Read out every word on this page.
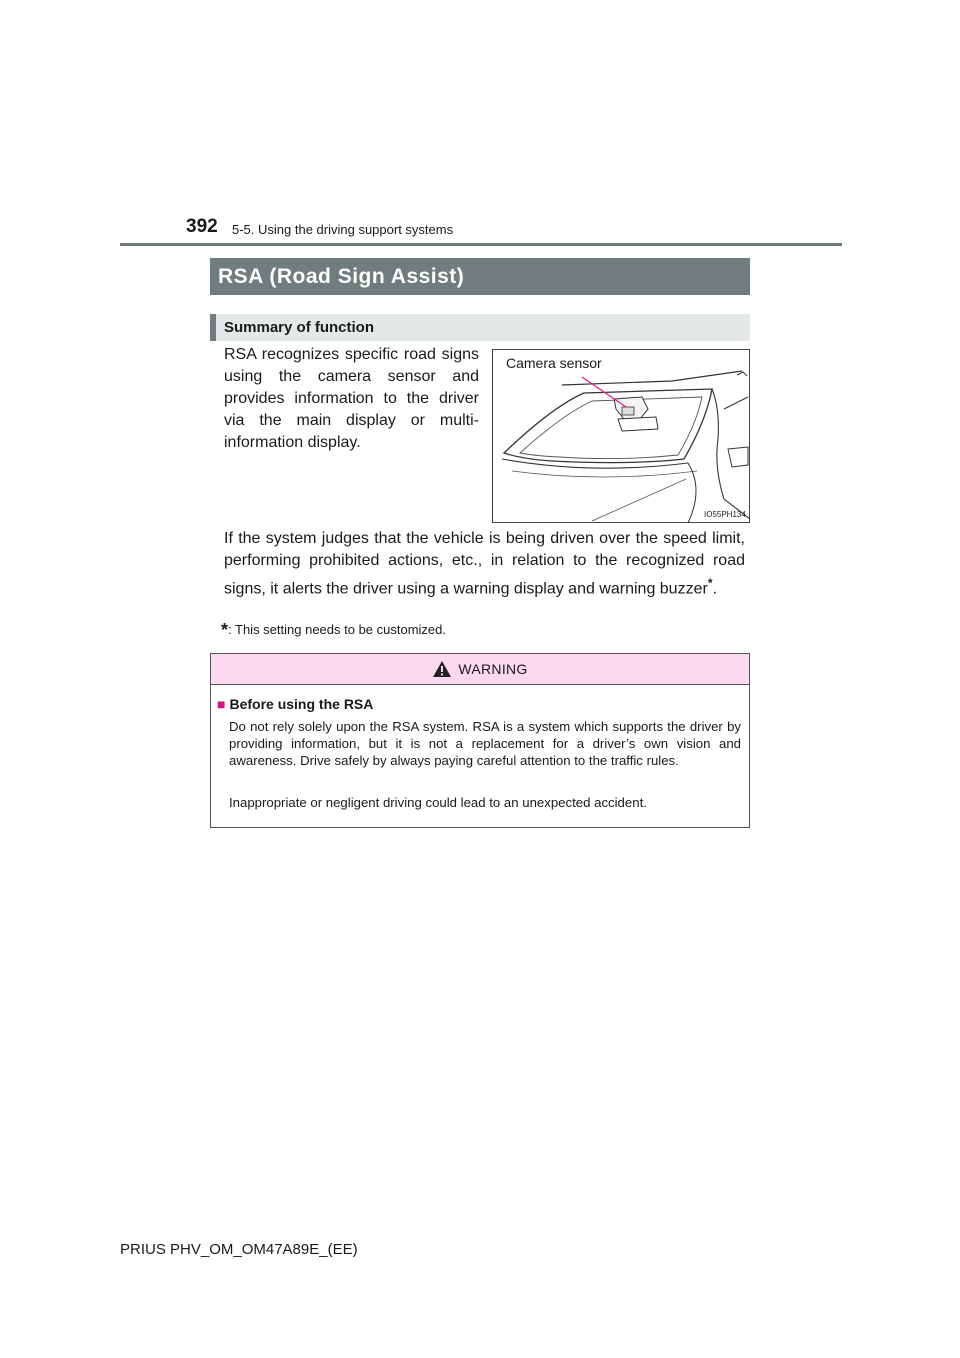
392 5-5. Using the driving support systems
RSA (Road Sign Assist)
Summary of function

RSA recognizes specific road signs using the camera sensor and provides information to the driver via the main display or multi-information display.

Camera sensor
IO55PH134

If the system judges that the vehicle is being driven over the speed limit, performing prohibited actions, etc., in relation to the recognized road signs, it alerts the driver using a warning display and warning buzzer*.

*: This setting needs to be customized.
WARNING
■ Before using the RSA

Do not rely solely upon the RSA system. RSA is a system which supports the driver by providing information, but it is not a replacement for a driver’s own vision and awareness. Drive safely by always paying careful attention to the traffic rules.

Inappropriate or negligent driving could lead to an unexpected accident.

PRIUS PHV_OM_OM47A89E_(EE)
